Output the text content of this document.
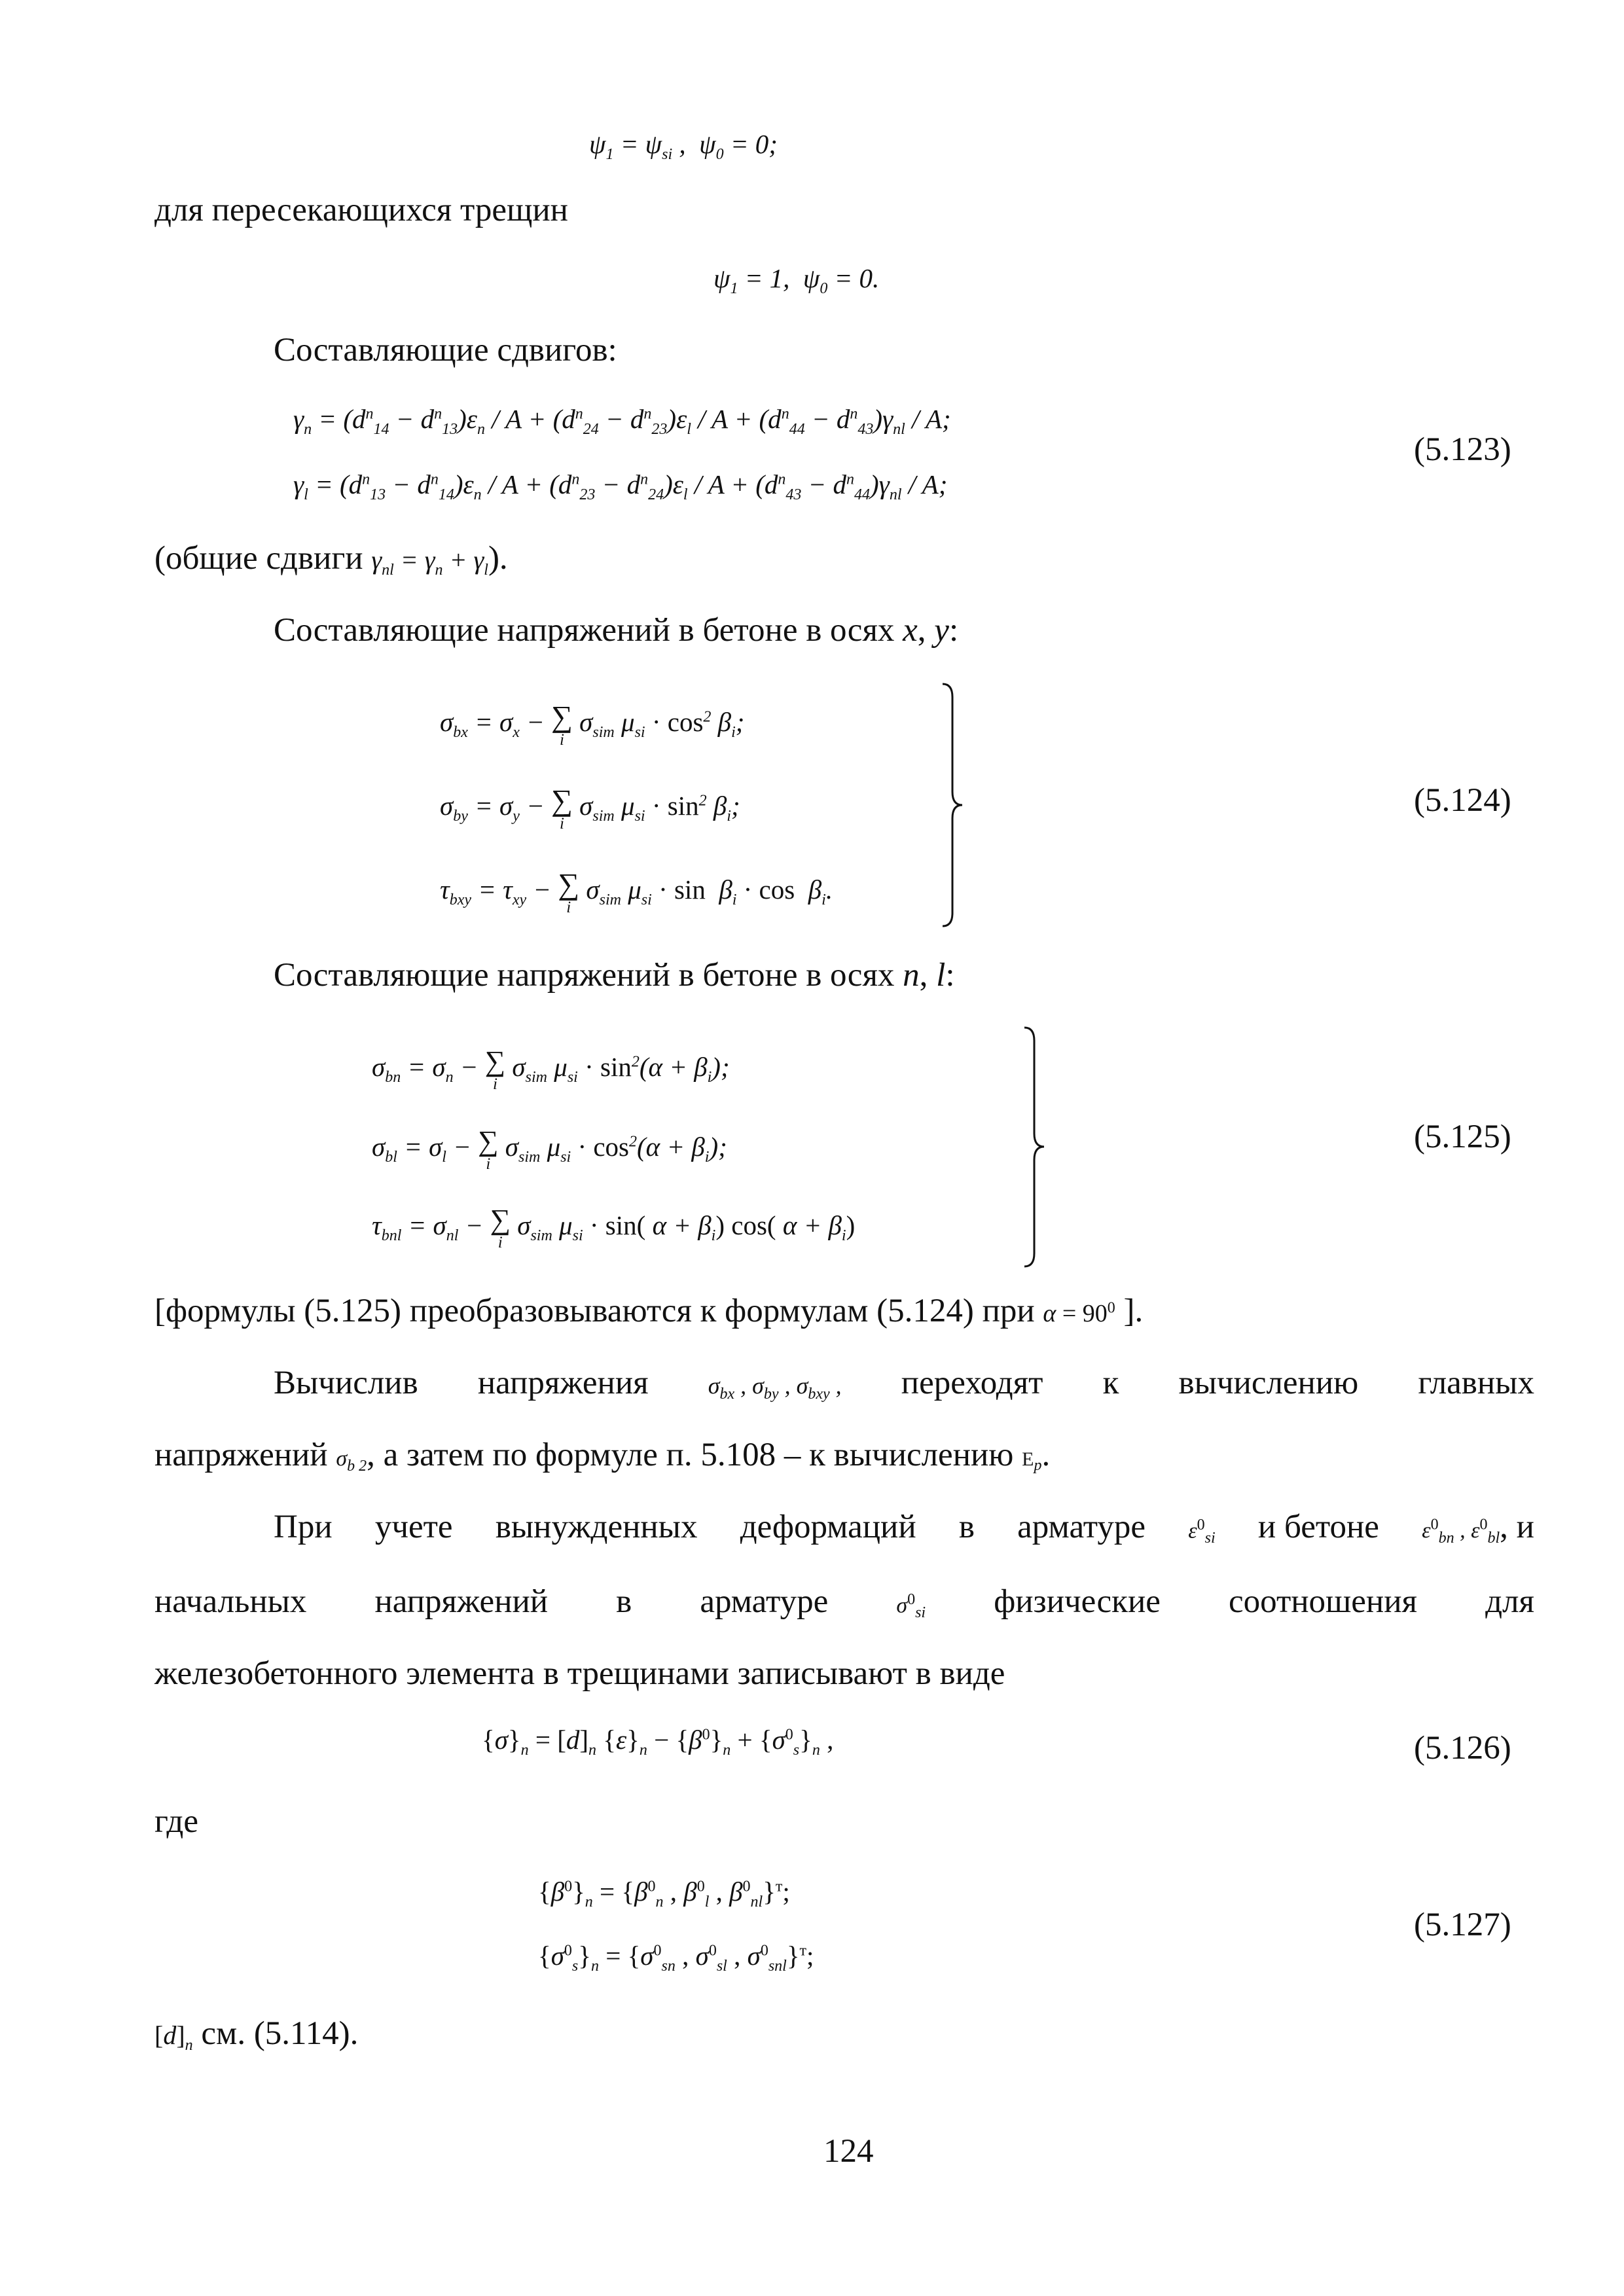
$\psi_1 = \psi_{si}$ ,  $\psi_0 = 0$;
для пересекающихся трещин
$\psi_1 = 1$,  $\psi_0 = 0$.
Составляющие сдвигов:
$\gamma_n = (d^n_{14} - d^n_{13})\varepsilon_n / A + (d^n_{24} - d^n_{23})\varepsilon_l / A + (d^n_{44} - d^n_{43})\gamma_{nl} / A$;
$\gamma_l = (d^n_{13} - d^n_{14})\varepsilon_n / A + (d^n_{23} - d^n_{24})\varepsilon_l / A + (d^n_{43} - d^n_{44})\gamma_{nl} / A$;
(5.123)
(общие сдвиги $\gamma_{nl} = \gamma_n + \gamma_l$).
Составляющие напряжений в бетоне в осях x, y:
$\sigma_{bx} = \sigma_x$ − ∑
i
$\sigma_{sim}$ $\mu_{si} \cdot \cos^2 \beta_i$;
$\sigma_{by} = \sigma_y$ − ∑
i
$\sigma_{sim}$ $\mu_{si} \cdot \sin^2 \beta_i$;
$\tau_{bxy} = \tau_{xy}$ − ∑
i
$\sigma_{sim}$ $\mu_{si} \cdot \sin \beta_i \cdot \cos \beta_i$.
(5.124)
Составляющие напряжений в бетоне в осях n, l:
$\sigma_{bn} = \sigma_n$ − ∑
i
$\sigma_{sim}$ $\mu_{si} \cdot \sin^2(\alpha + \beta_i)$;
$\sigma_{bl} = \sigma_l$ − ∑
i
$\sigma_{sim}$ $\mu_{si} \cdot \cos^2(\alpha + \beta_i)$;
$\tau_{bnl} = \sigma_{nl}$ − ∑
i
$\sigma_{sim}$ $\mu_{si} \cdot \sin$( $\alpha + \beta_i$) cos( $\alpha + \beta_i$)
(5.125)
[формулы (5.125) преобразовываются к формулам (5.124) при $\alpha = 90^0$ ].
Вычислив напряжения	$\sigma_{bx}$ , $\sigma_{by}$ , $\sigma_{bxy}$ , переходят к вычислению главных
напряжений $\sigma_{b 2}$, а затем по формуле п. 5.108 – к вычислению $E_p$.
При учете вынужденных деформаций в арматуре $\varepsilon^0_{si}$ и бетоне $\varepsilon^0_{bn}$ , $\varepsilon^0_{bl}$, и
начальных напряжений в арматуре	$\sigma^0_{si}$ физические соотношения для
железобетонного элемента в трещинами записывают в виде
$\{\sigma\}_n = [d]_n$ $\{\varepsilon\}_n - \{\beta^0\}_n + \{\sigma^0_s\}_n$ ,	(5.126)
где
$\{\beta^0\}_n = \{\beta^0_n$ , $\beta^0_l$ , $\beta^0_{nl}\}^т$;
$\{\sigma^0_s\}_n = \{\sigma^0_{sn}$ , $\sigma^0_{sl}$ , $\sigma^0_{snl}\}^т$;
(5.127)
$[d]_n$ см. (5.114).
124
